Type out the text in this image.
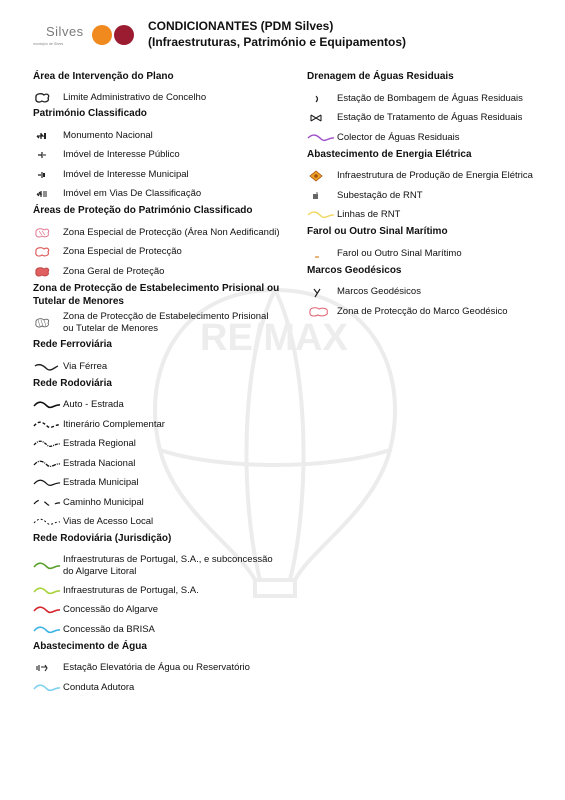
RE/MAX
Silves
município de Silves
CONDICIONANTES (PDM Silves)
(Infraestruturas, Património e Equipamentos)
Área de Intervenção do Plano
Limite Administrativo de Concelho
Património Classificado
Monumento Nacional
Imóvel de Interesse Público
Imóvel de Interesse Municipal
Imóvel em Vias De Classificação
Áreas de Proteção do Património Classificado
Zona Especial de Protecção (Área Non Aedificandi)
Zona Especial de Protecção
Zona Geral de Proteção
Zona de Protecção de Estabelecimento Prisional ou
Tutelar de Menores
Zona de Protecção de Estabelecimento Prisional
ou Tutelar de Menores
Rede Ferroviária
Via Férrea
Rede Rodoviária
Auto - Estrada
Itinerário Complementar
Estrada Regional
Estrada Nacional
Estrada Municipal
Caminho Municipal
Vias de Acesso Local
Rede Rodoviária (Jurisdição)
Infraestruturas de Portugal, S.A., e subconcessão
do Algarve Litoral
Infraestruturas de Portugal, S.A.
Concessão do Algarve
Concessão da BRISA
Abastecimento de Água
Estação Elevatória de Água ou Reservatório
Conduta Adutora
Drenagem de Águas Residuais
Estação de Bombagem de Águas Residuais
Estação de Tratamento de Águas Residuais
Colector de Águas Residuais
Abastecimento de Energia Elétrica
Infraestrutura de Produção de Energia Elétrica
Subestação de RNT
Linhas de RNT
Farol ou Outro Sinal Marítimo
Farol ou Outro Sinal Marítimo
Marcos Geodésicos
Marcos Geodésicos
Zona de Protecção do Marco Geodésico
